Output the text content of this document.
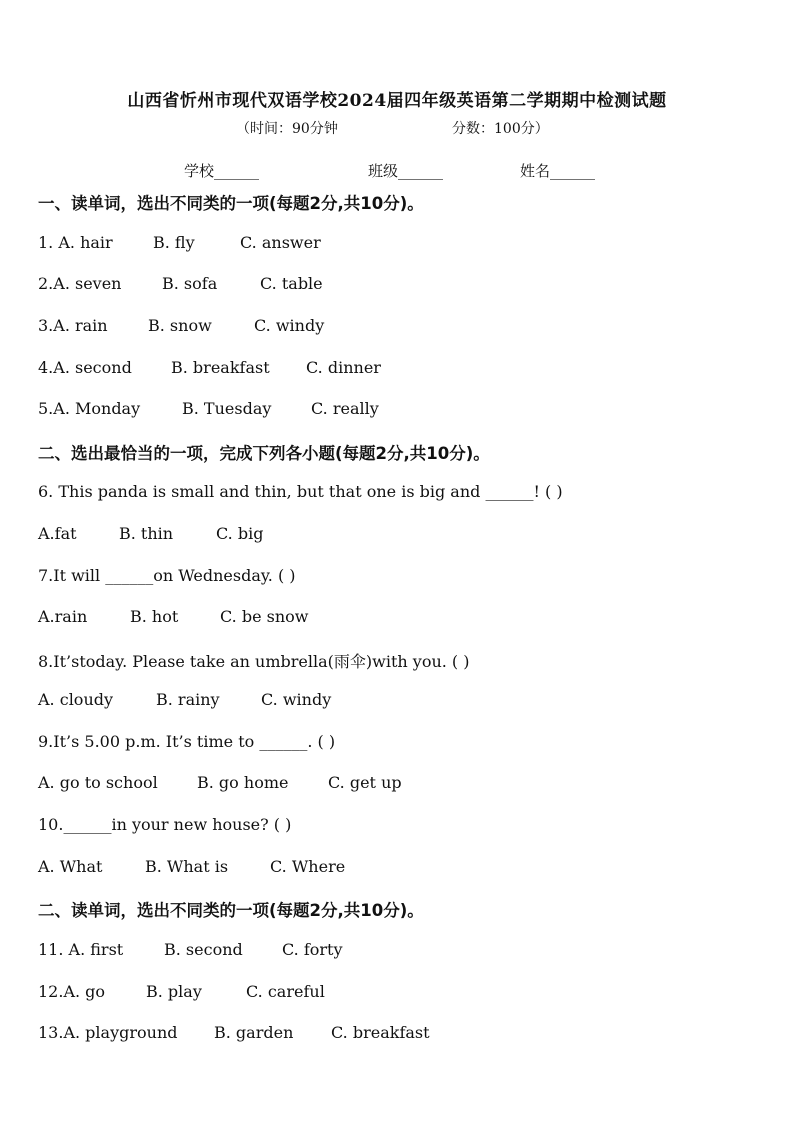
山西省忻州市现代双语学校2024届四年级英语第二学期期中检测试题
（时间：90分钟	分数：100分）
学校______	班级______	姓名______
一、读单词，选出不同类的一项(每题2分,共10分)。
1. A. hair	B. fly	C. answer
2.A. seven	B. sofa	C. table
3.A. rain	B. snow	C. windy
4.A. second B. breakfast C. dinner
5.A. Monday	B. Tuesday C. really
二、选出最恰当的一项，完成下列各小题(每题2分,共10分)。
6. This panda is small and thin, but that one is big and ______! ( )
A.fat	B. thin	C. big
7.It will ______on Wednesday. ( )
A.rain	B. hot	C. be snow
8.It’stoday. Please take an umbrella(雨伞)with you. ( )
A. cloudy	B. rainy	C. windy
9.It’s 5.00 p.m. It’s time to ______. ( )
A. go to school B. go home C. get up
10.______in your new house? ( )
A. What	B. What is	C. Where
二、读单词，选出不同类的一项(每题2分,共10分)。
11. A. first	B. second C. forty
12.A. go	B. play	C. careful
13.A. playground B. garden C. breakfast
